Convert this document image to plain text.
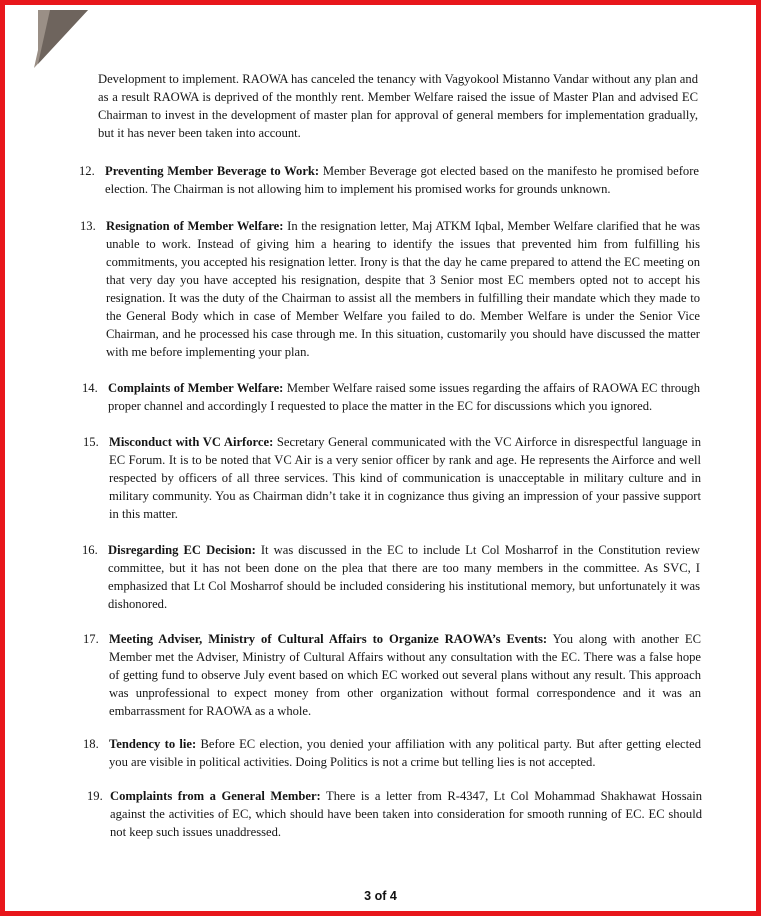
Development to implement. RAOWA has canceled the tenancy with Vagyokool Mistanno Vandar without any plan and as a result RAOWA is deprived of the monthly rent. Member Welfare raised the issue of Master Plan and advised EC Chairman to invest in the development of master plan for approval of general members for implementation gradually, but it has never been taken into account.

12. Preventing Member Beverage to Work: Member Beverage got elected based on the manifesto he promised before election. The Chairman is not allowing him to implement his promised works for grounds unknown.
13. Resignation of Member Welfare: In the resignation letter, Maj ATKM Iqbal, Member Welfare clarified that he was unable to work. Instead of giving him a hearing to identify the issues that prevented him from fulfilling his commitments, you accepted his resignation letter. Irony is that the day he came prepared to attend the EC meeting on that very day you have accepted his resignation, despite that 3 Senior most EC members opted not to accept his resignation. It was the duty of the Chairman to assist all the members in fulfilling their mandate which they made to the General Body which in case of Member Welfare you failed to do. Member Welfare is under the Senior Vice Chairman, and he processed his case through me. In this situation, customarily you should have discussed the matter with me before implementing your plan.
14. Complaints of Member Welfare: Member Welfare raised some issues regarding the affairs of RAOWA EC through proper channel and accordingly I requested to place the matter in the EC for discussions which you ignored.
15. Misconduct with VC Airforce: Secretary General communicated with the VC Airforce in disrespectful language in EC Forum. It is to be noted that VC Air is a very senior officer by rank and age. He represents the Airforce and well respected by officers of all three services. This kind of communication is unacceptable in military culture and in military community. You as Chairman didn’t take it in cognizance thus giving an impression of your passive support in this matter.
16. Disregarding EC Decision: It was discussed in the EC to include Lt Col Mosharrof in the Constitution review committee, but it has not been done on the plea that there are too many members in the committee. As SVC, I emphasized that Lt Col Mosharrof should be included considering his institutional memory, but unfortunately it was dishonored.
17. Meeting Adviser, Ministry of Cultural Affairs to Organize RAOWA’s Events: You along with another EC Member met the Adviser, Ministry of Cultural Affairs without any consultation with the EC. There was a false hope of getting fund to observe July event based on which EC worked out several plans without any result. This approach was unprofessional to expect money from other organization without formal correspondence and it was an embarrassment for RAOWA as a whole.
18. Tendency to lie: Before EC election, you denied your affiliation with any political party. But after getting elected you are visible in political activities. Doing Politics is not a crime but telling lies is not accepted.
19. Complaints from a General Member: There is a letter from R-4347, Lt Col Mohammad Shakhawat Hossain against the activities of EC, which should have been taken into consideration for smooth running of EC. EC should not keep such issues unaddressed.
3 of 4
